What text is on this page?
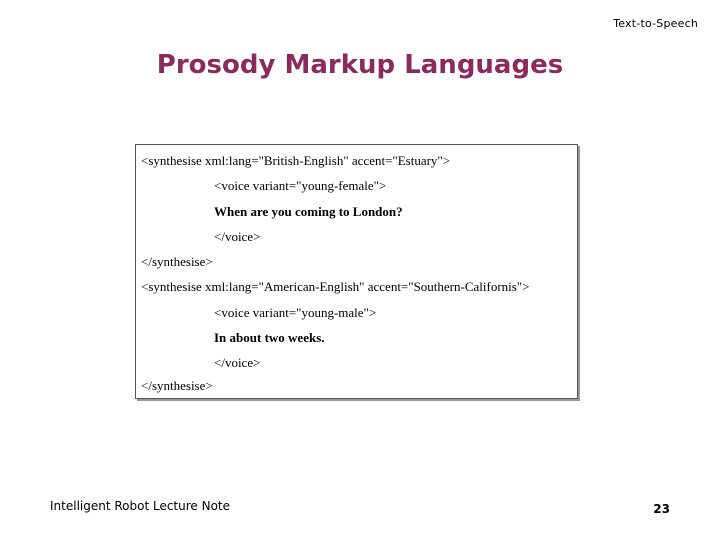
Text-to-Speech
Prosody Markup Languages
<synthesise xml:lang="British-English" accent="Estuary">
<voice variant="young-female">
When are you coming to London?
</voice>
</synthesise>
<synthesise xml:lang="American-English" accent="Southern-Californis">
<voice variant="young-male">
In about two weeks.
</voice>
</synthesise>
Intelligent Robot Lecture Note	23
